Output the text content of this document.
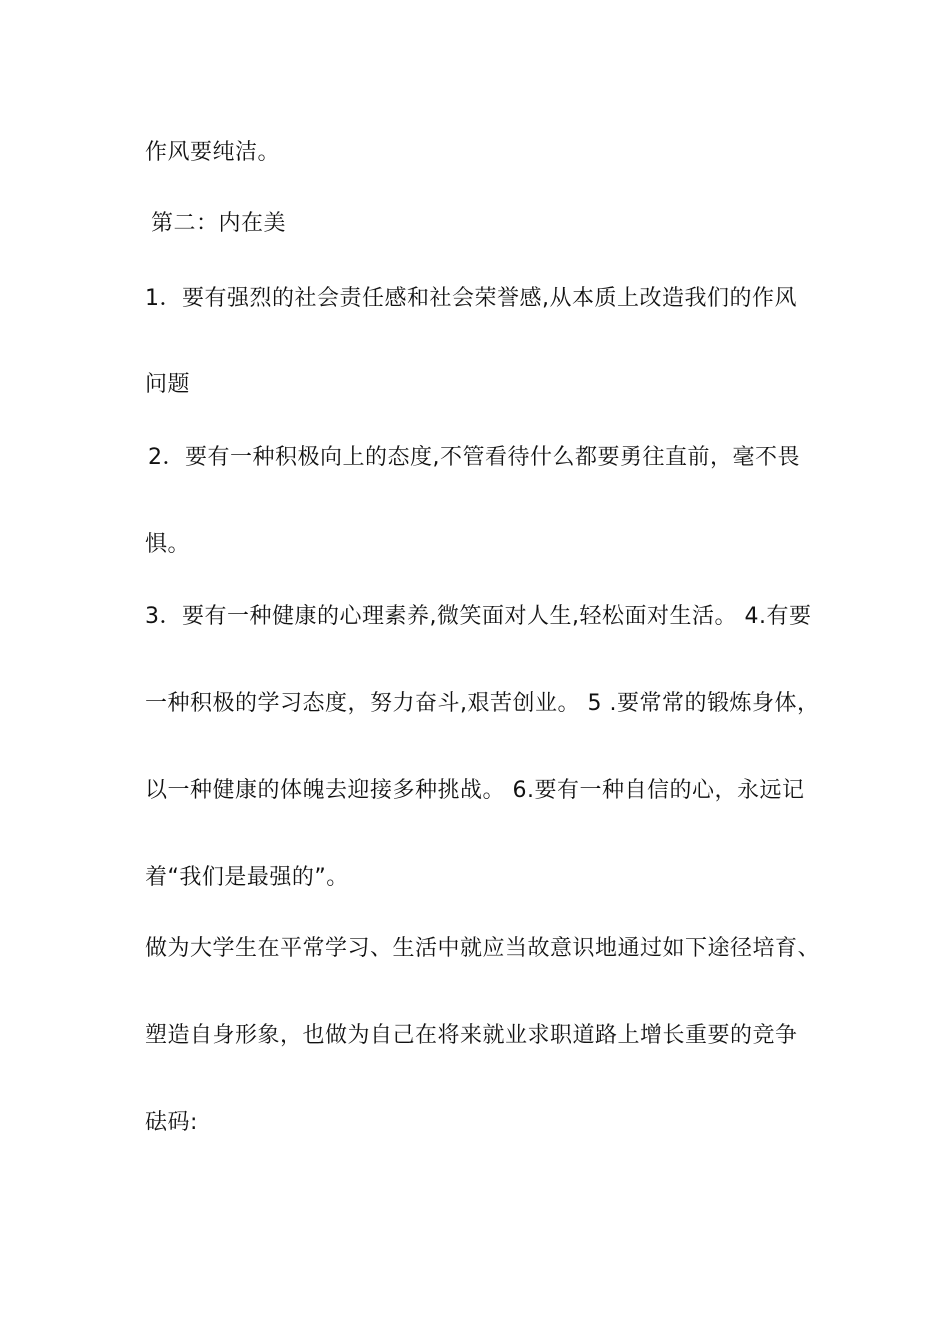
作风要纯洁。
第二：内在美
1．要有强烈的社会责任感和社会荣誉感,从本质上改造我们的作风
问题
2．要有一种积极向上的态度,不管看待什么都要勇往直前，毫不畏
惧。
3．要有一种健康的心理素养,微笑面对人生,轻松面对生活。 4.有要
一种积极的学习态度，努力奋斗,艰苦创业。 5 .要常常的锻炼身体，
以一种健康的体魄去迎接多种挑战。 6.要有一种自信的心，永远记
着“我们是最强的”。
做为大学生在平常学习、生活中就应当故意识地通过如下途径培育、
塑造自身形象，也做为自己在将来就业求职道路上增长重要的竞争
砝码:
